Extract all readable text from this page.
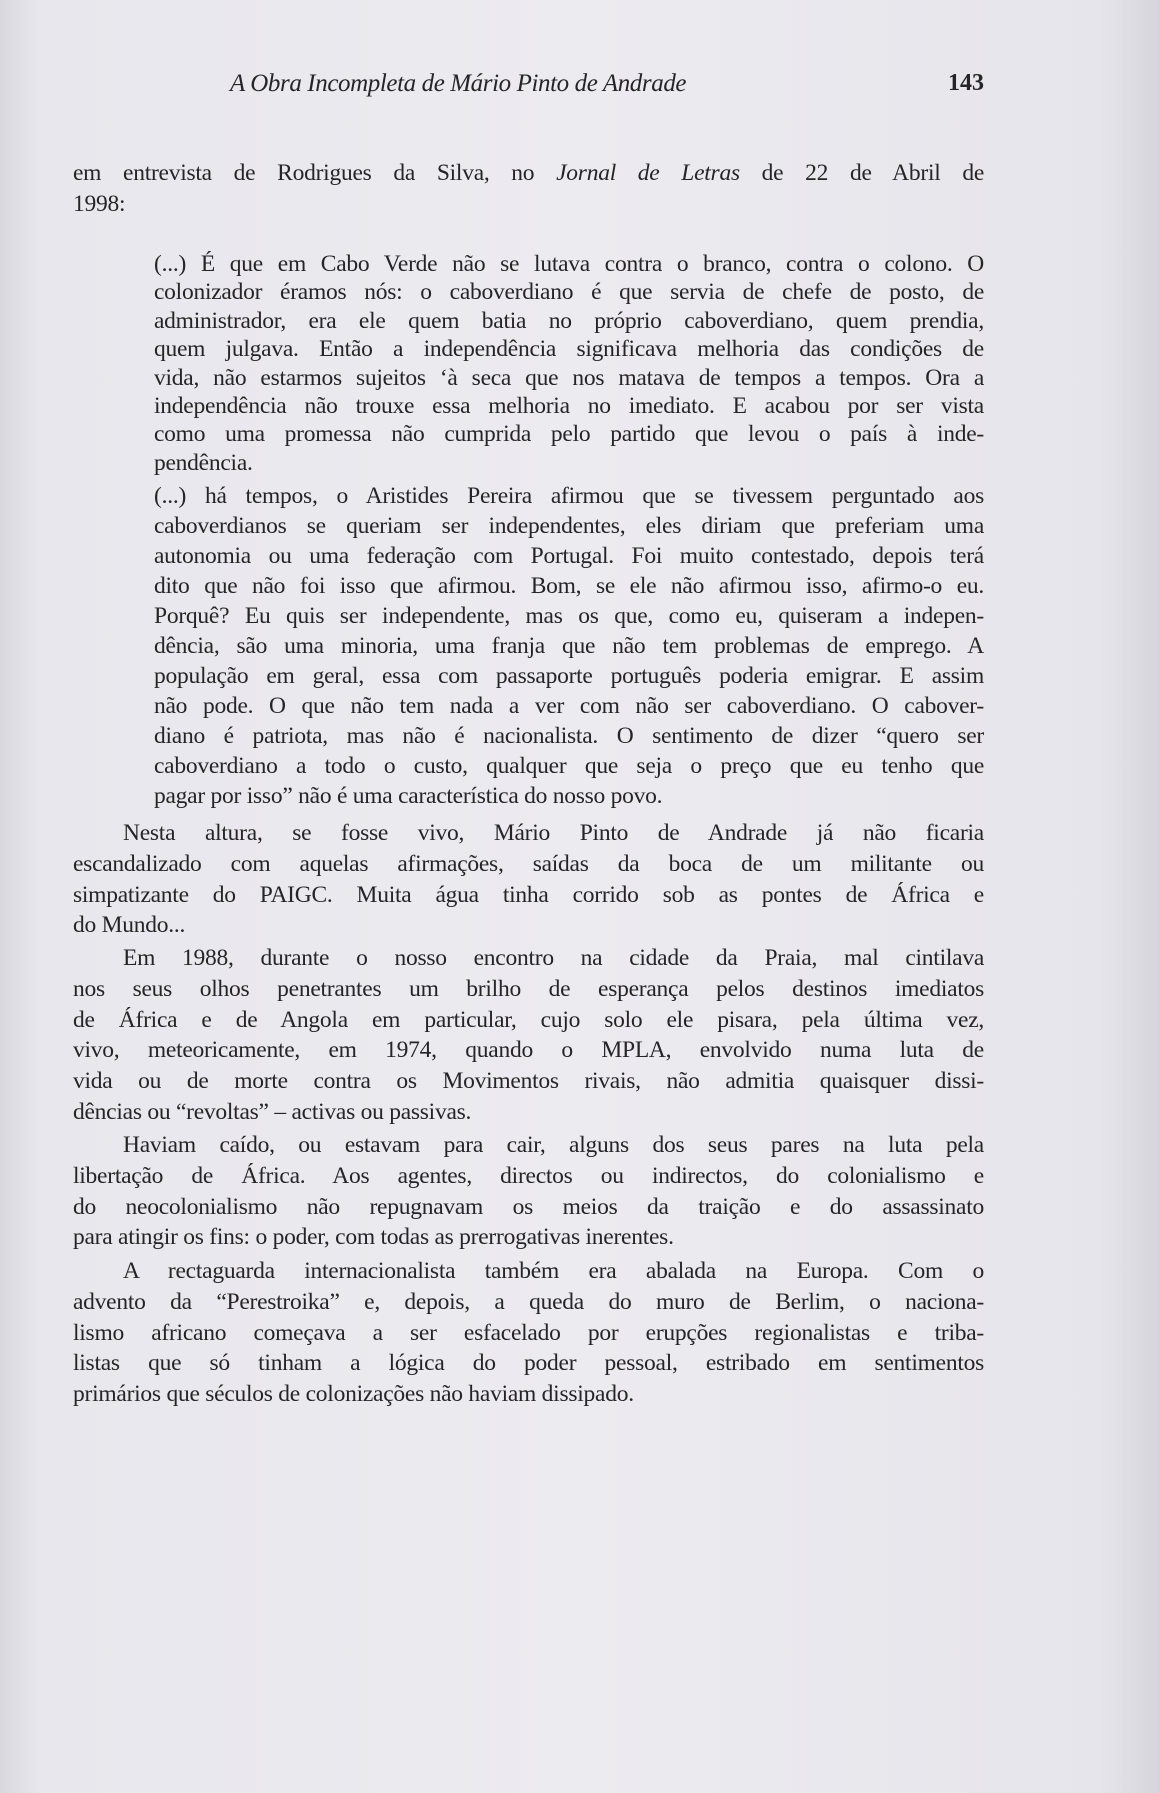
A Obra Incompleta de Mário Pinto de Andrade	143
em entrevista de Rodrigues da Silva, no Jornal de Letras de 22 de Abril de
1998:
(...) É que em Cabo Verde não se lutava contra o branco, contra o colono. O
colonizador éramos nós: o caboverdiano é que servia de chefe de posto, de
administrador, era ele quem batia no próprio caboverdiano, quem prendia,
quem julgava. Então a independência significava melhoria das condições de
vida, não estarmos sujeitos ‘à seca que nos matava de tempos a tempos. Ora a
independência não trouxe essa melhoria no imediato. E acabou por ser vista
como uma promessa não cumprida pelo partido que levou o país à inde-
pendência.
(...) há tempos, o Aristides Pereira afirmou que se tivessem perguntado aos
caboverdianos se queriam ser independentes, eles diriam que preferiam uma
autonomia ou uma federação com Portugal. Foi muito contestado, depois terá
dito que não foi isso que afirmou. Bom, se ele não afirmou isso, afirmo-o eu.
Porquê? Eu quis ser independente, mas os que, como eu, quiseram a indepen-
dência, são uma minoria, uma franja que não tem problemas de emprego. A
população em geral, essa com passaporte português poderia emigrar. E assim
não pode. O que não tem nada a ver com não ser caboverdiano. O cabover-
diano é patriota, mas não é nacionalista. O sentimento de dizer “quero ser
caboverdiano a todo o custo, qualquer que seja o preço que eu tenho que
pagar por isso” não é uma característica do nosso povo.
Nesta altura, se fosse vivo, Mário Pinto de Andrade já não ficaria
escandalizado com aquelas afirmações, saídas da boca de um militante ou
simpatizante do PAIGC. Muita água tinha corrido sob as pontes de África e
do Mundo...
Em 1988, durante o nosso encontro na cidade da Praia, mal cintilava
nos seus olhos penetrantes um brilho de esperança pelos destinos imediatos
de África e de Angola em particular, cujo solo ele pisara, pela última vez,
vivo, meteoricamente, em 1974, quando o MPLA, envolvido numa luta de
vida ou de morte contra os Movimentos rivais, não admitia quaisquer dissi-
dências ou “revoltas” – activas ou passivas.
Haviam caído, ou estavam para cair, alguns dos seus pares na luta pela
libertação de África. Aos agentes, directos ou indirectos, do colonialismo e
do neocolonialismo não repugnavam os meios da traição e do assassinato
para atingir os fins: o poder, com todas as prerrogativas inerentes.
A rectaguarda internacionalista também era abalada na Europa. Com o
advento da “Perestroika” e, depois, a queda do muro de Berlim, o naciona-
lismo africano começava a ser esfacelado por erupções regionalistas e triba-
listas que só tinham a lógica do poder pessoal, estribado em sentimentos
primários que séculos de colonizações não haviam dissipado.
